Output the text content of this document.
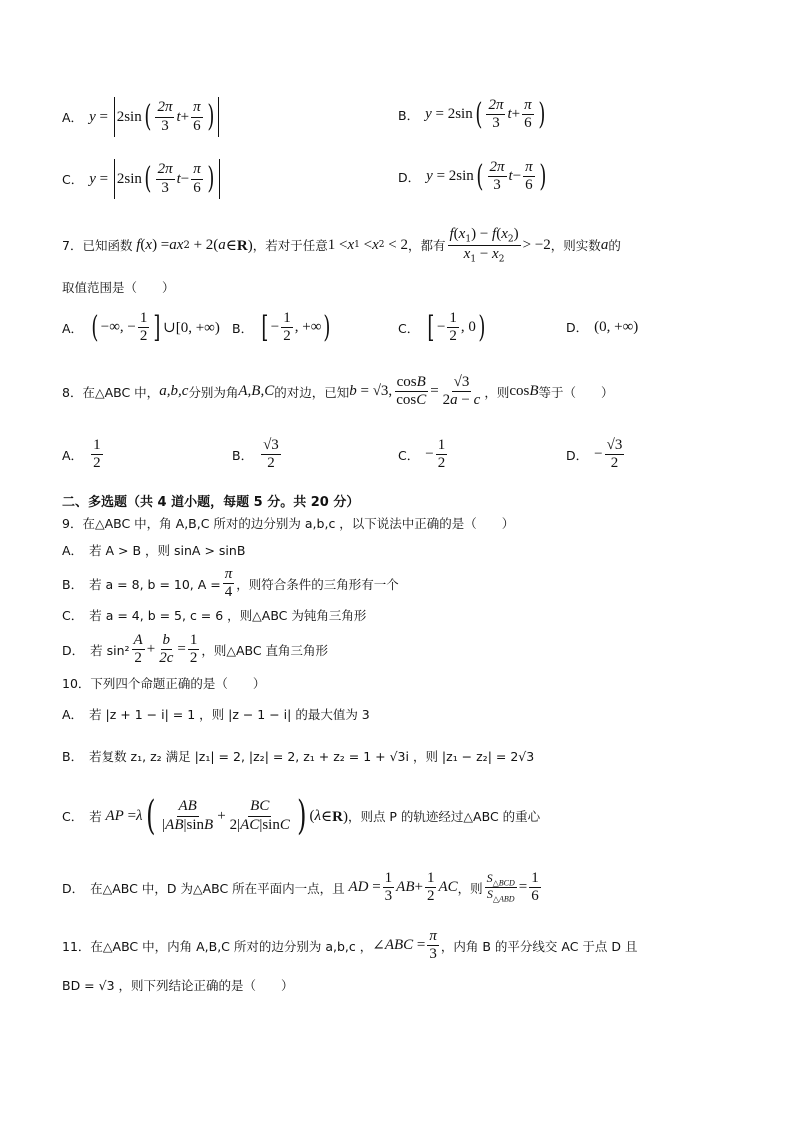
A． y = 2sin ( $\frac{2\pi}{3}$ $t + \frac{\pi}{6}$ )	B． y = 2sin ( $\frac{2\pi}{3}$ $t + \frac{\pi}{6}$ )
C． y = 2sin ( $\frac{2\pi}{3}$ $t - \frac{\pi}{6}$ )	D． y = 2sin ( $\frac{2\pi}{3}$ $t - \frac{\pi}{6}$ )
7． 已知函数 f ( x ) = ax 2 + 2( a ∈R) ，若对于任意 1 < x 1 < x 2 < 2 ，都有 $\frac{f(x_1) - f(x_2)}{x_1 - x_2} > -2$ ，则实数 a 的
取值范围是（　　）
A． ( −∞, − $\frac{1}{2}$ ] ∪[0, +∞) B． [ − $\frac{1}{2}$ , +∞ )	C． [ − $\frac{1}{2}$ , 0 )	D． (0, +∞)
8． 在△ABC 中， a,b,c 分别为角 A,B,C 的对边，已知 b = √3, $\frac{\cos B}{\cos C} = \frac{√3}{2a - c}$ ，则 cos B 等于（　　）
A． $\frac{1}{2}$	B． $\frac{√3}{2}$	C． − $\frac{1}{2}$	D． − $\frac{√3}{2}$
二、多选题（共 4 道小题，每题 5 分。共 20 分）
9． 在△ABC 中，角 A,B,C 所对的边分别为 a,b,c ，以下说法中正确的是（　　）
A． 若 A > B ，则 sinA > sinB
B． 若 a = 8, b = 10, $A = \frac{\pi}{4}$ ，则符合条件的三角形有一个
C． 若 a = 4, b = 5, c = 6 ，则△ABC 为钝角三角形
D． 若 $\sin^2 \frac{A}{2} + \frac{b}{2c} = \frac{1}{2}$ ，则△ABC 直角三角形
10． 下列四个命题正确的是（　　）
A． 若 |z + 1 − i| = 1 ，则 |z − 1 − i| 的最大值为 3
B． 若复数 z₁, z₂ 满足 |z₁| = 2, |z₂| = 2, z₁ + z₂ = 1 + √3i ，则 |z₁ − z₂| = 2√3
C． 若 AP = λ ( $\frac{AB}{|AB|\sin B} + \frac{BC}{2|AC|\sin C}$ ) ( λ ∈R) ，则点 P 的轨迹经过△ABC 的重心
D． 在△ABC 中，D 为△ABC 所在平面内一点，且 AD = $\frac{1}{3}$ AB + $\frac{1}{2}$ AC ，则 $\frac{S_{\triangle BCD}}{S_{\triangle ABD}} = \frac{1}{6}$
11． 在△ABC 中，内角 A,B,C 所对的边分别为 a,b,c ， ∠ ABC = $\frac{\pi}{3}$ ，内角 B 的平分线交 AC 于点 D 且
BD = √3 ，则下列结论正确的是（　　）
